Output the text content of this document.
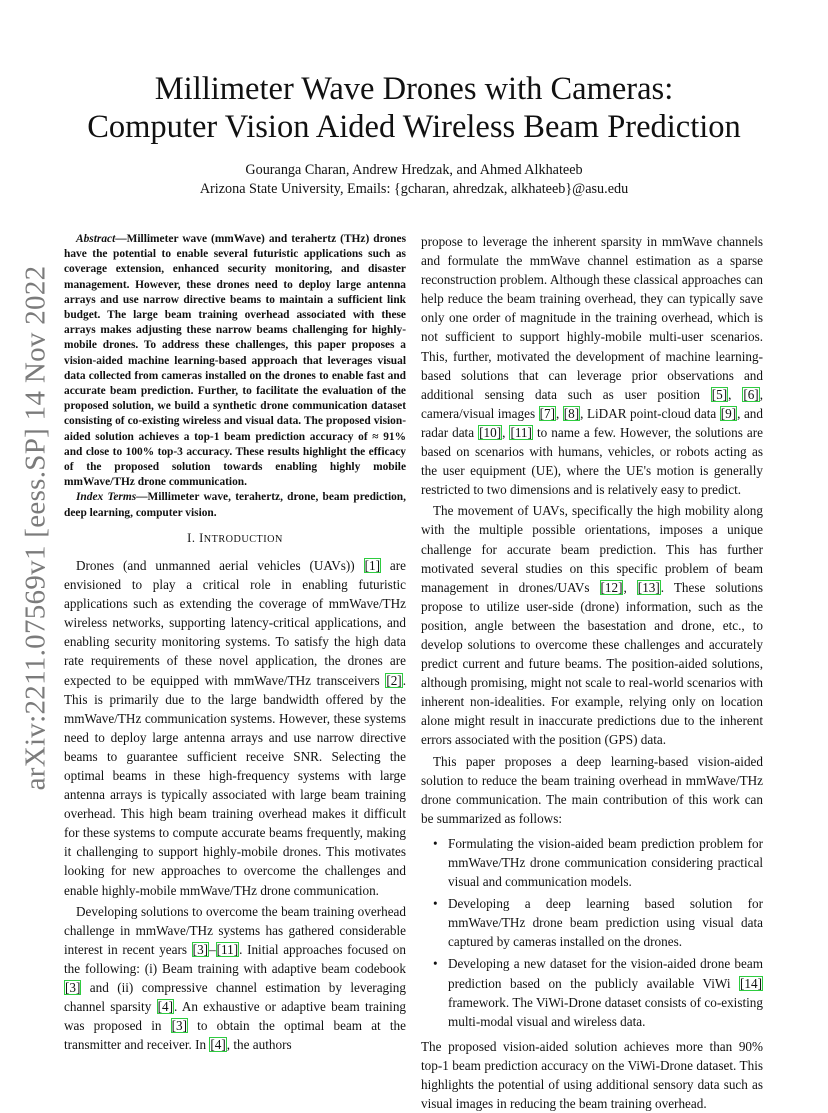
arXiv:2211.07569v1 [eess.SP] 14 Nov 2022
Millimeter Wave Drones with Cameras:
Computer Vision Aided Wireless Beam Prediction
Gouranga Charan, Andrew Hredzak, and Ahmed Alkhateeb
Arizona State University, Emails: {gcharan, ahredzak, alkhateeb}@asu.edu

Abstract—Millimeter wave (mmWave) and terahertz (THz) drones have the potential to enable several futuristic applications such as coverage extension, enhanced security monitoring, and disaster management. However, these drones need to deploy large antenna arrays and use narrow directive beams to maintain a sufficient link budget. The large beam training overhead associated with these arrays makes adjusting these narrow beams challenging for highly-mobile drones. To address these challenges, this paper proposes a vision-aided machine learning-based approach that leverages visual data collected from cameras installed on the drones to enable fast and accurate beam prediction. Further, to facilitate the evaluation of the proposed solution, we build a synthetic drone communication dataset consisting of co-existing wireless and visual data. The proposed vision-aided solution achieves a top-1 beam prediction accuracy of ≈ 91% and close to 100% top-3 accuracy. These results highlight the efficacy of the proposed solution towards enabling highly mobile mmWave/THz drone communication.

Index Terms—Millimeter wave, terahertz, drone, beam prediction, deep learning, computer vision.

I. INTRODUCTION

Drones (and unmanned aerial vehicles (UAVs)) [1] are envisioned to play a critical role in enabling futuristic applications such as extending the coverage of mmWave/THz wireless networks, supporting latency-critical applications, and enabling security monitoring systems. To satisfy the high data rate requirements of these novel application, the drones are expected to be equipped with mmWave/THz transceivers [2]. This is primarily due to the large bandwidth offered by the mmWave/THz communication systems. However, these systems need to deploy large antenna arrays and use narrow directive beams to guarantee sufficient receive SNR. Selecting the optimal beams in these high-frequency systems with large antenna arrays is typically associated with large beam training overhead. This high beam training overhead makes it difficult for these systems to compute accurate beams frequently, making it challenging to support highly-mobile drones. This motivates looking for new approaches to overcome the challenges and enable highly-mobile mmWave/THz drone communication.

Developing solutions to overcome the beam training overhead challenge in mmWave/THz systems has gathered considerable interest in recent years [3]–[11]. Initial approaches focused on the following: (i) Beam training with adaptive beam codebook [3] and (ii) compressive channel estimation by leveraging channel sparsity [4]. An exhaustive or adaptive beam training was proposed in [3] to obtain the optimal beam at the transmitter and receiver. In [4], the authors

propose to leverage the inherent sparsity in mmWave channels and formulate the mmWave channel estimation as a sparse reconstruction problem. Although these classical approaches can help reduce the beam training overhead, they can typically save only one order of magnitude in the training overhead, which is not sufficient to support highly-mobile multi-user scenarios. This, further, motivated the development of machine learning-based solutions that can leverage prior observations and additional sensing data such as user position [5], [6], camera/visual images [7], [8], LiDAR point-cloud data [9], and radar data [10], [11] to name a few. However, the solutions are based on scenarios with humans, vehicles, or robots acting as the user equipment (UE), where the UE's motion is generally restricted to two dimensions and is relatively easy to predict.

The movement of UAVs, specifically the high mobility along with the multiple possible orientations, imposes a unique challenge for accurate beam prediction. This has further motivated several studies on this specific problem of beam management in drones/UAVs [12], [13]. These solutions propose to utilize user-side (drone) information, such as the position, angle between the basestation and drone, etc., to develop solutions to overcome these challenges and accurately predict current and future beams. The position-aided solutions, although promising, might not scale to real-world scenarios with inherent non-idealities. For example, relying only on location alone might result in inaccurate predictions due to the inherent errors associated with the position (GPS) data.

This paper proposes a deep learning-based vision-aided solution to reduce the beam training overhead in mmWave/THz drone communication. The main contribution of this work can be summarized as follows:

• Formulating the vision-aided beam prediction problem for mmWave/THz drone communication considering practical visual and communication models.
• Developing a deep learning based solution for mmWave/THz drone beam prediction using visual data captured by cameras installed on the drones.
• Developing a new dataset for the vision-aided drone beam prediction based on the publicly available ViWi [14] framework. The ViWi-Drone dataset consists of co-existing multi-modal visual and wireless data.

The proposed vision-aided solution achieves more than 90% top-1 beam prediction accuracy on the ViWi-Drone dataset. This highlights the potential of using additional sensory data such as visual images in reducing the beam training overhead.
